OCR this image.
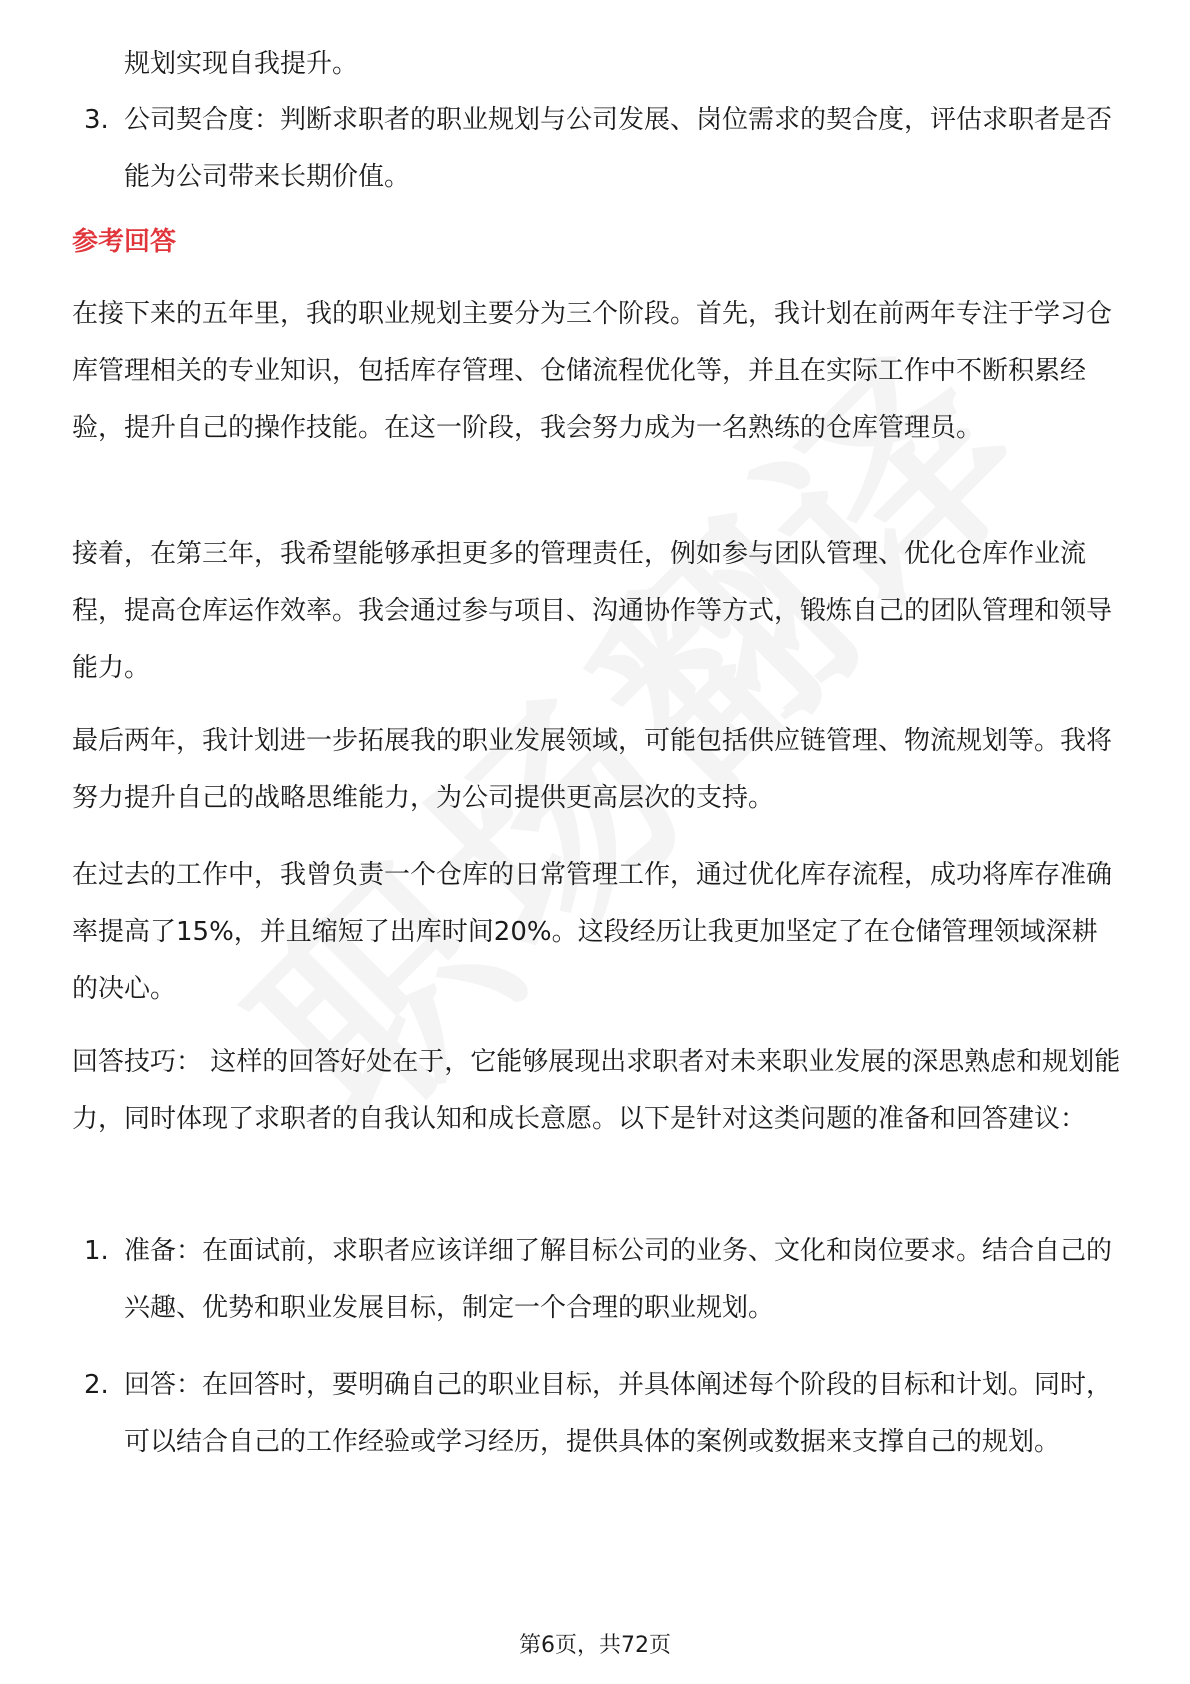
规划实现自我提升。

3. 公司契合度：判断求职者的职业规划与公司发展、岗位需求的契合度，评估求职者是否能为公司带来长期价值。
参考回答

在接下来的五年里，我的职业规划主要分为三个阶段。首先，我计划在前两年专注于学习仓库管理相关的专业知识，包括库存管理、仓储流程优化等，并且在实际工作中不断积累经验，提升自己的操作技能。在这一阶段，我会努力成为一名熟练的仓库管理员。

接着，在第三年，我希望能够承担更多的管理责任，例如参与团队管理、优化仓库作业流程，提高仓库运作效率。我会通过参与项目、沟通协作等方式，锻炼自己的团队管理和领导能力。

最后两年，我计划进一步拓展我的职业发展领域，可能包括供应链管理、物流规划等。我将努力提升自己的战略思维能力，为公司提供更高层次的支持。

在过去的工作中，我曾负责一个仓库的日常管理工作，通过优化库存流程，成功将库存准确率提高了15%，并且缩短了出库时间20%。这段经历让我更加坚定了在仓储管理领域深耕的决心。

回答技巧： 这样的回答好处在于，它能够展现出求职者对未来职业发展的深思熟虑和规划能力，同时体现了求职者的自我认知和成长意愿。以下是针对这类问题的准备和回答建议：

1. 准备：在面试前，求职者应该详细了解目标公司的业务、文化和岗位要求。结合自己的兴趣、优势和职业发展目标，制定一个合理的职业规划。
2. 回答：在回答时，要明确自己的职业目标，并具体阐述每个阶段的目标和计划。同时，可以结合自己的工作经验或学习经历，提供具体的案例或数据来支撑自己的规划。
第6页，共72页
